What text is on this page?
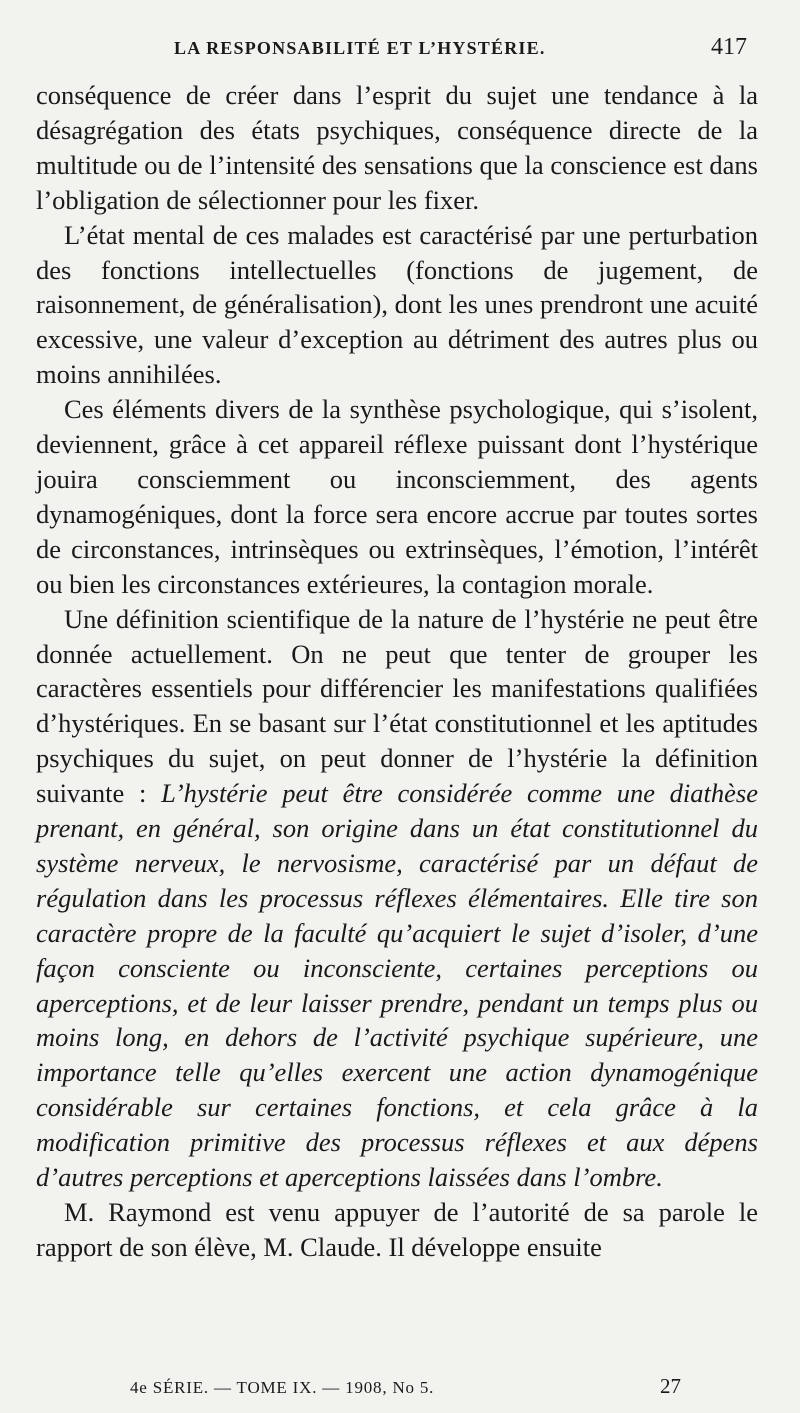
LA RESPONSABILITÉ ET L’HYSTÉRIE.	417

conséquence de créer dans l’esprit du sujet une tendance à la désagrégation des états psychiques, conséquence directe de la multitude ou de l’intensité des sensations que la conscience est dans l’obligation de sélectionner pour les fixer.

L’état mental de ces malades est caractérisé par une perturbation des fonctions intellectuelles (fonctions de jugement, de raisonnement, de généralisation), dont les unes prendront une acuité excessive, une valeur d’exception au détriment des autres plus ou moins annihilées.

Ces éléments divers de la synthèse psychologique, qui s’isolent, deviennent, grâce à cet appareil réflexe puissant dont l’hystérique jouira consciemment ou inconsciemment, des agents dynamogéniques, dont la force sera encore accrue par toutes sortes de circonstances, intrinsèques ou extrinsèques, l’émotion, l’intérêt ou bien les circonstances extérieures, la contagion morale.

Une définition scientifique de la nature de l’hystérie ne peut être donnée actuellement. On ne peut que tenter de grouper les caractères essentiels pour différencier les manifestations qualifiées d’hystériques. En se basant sur l’état constitutionnel et les aptitudes psychiques du sujet, on peut donner de l’hystérie la définition suivante : L’hystérie peut être considérée comme une diathèse prenant, en général, son origine dans un état constitutionnel du système nerveux, le nervosisme, caractérisé par un défaut de régulation dans les processus réflexes élémentaires. Elle tire son caractère propre de la faculté qu’acquiert le sujet d’isoler, d’une façon consciente ou inconsciente, certaines perceptions ou aperceptions, et de leur laisser prendre, pendant un temps plus ou moins long, en dehors de l’activité psychique supérieure, une importance telle qu’elles exercent une action dynamogénique considérable sur certaines fonctions, et cela grâce à la modification primitive des processus réflexes et aux dépens d’autres perceptions et aperceptions laissées dans l’ombre.

M. Raymond est venu appuyer de l’autorité de sa parole le rapport de son élève, M. Claude. Il développe ensuite

4e SÉRIE. — TOME IX. — 1908, No 5.	27
